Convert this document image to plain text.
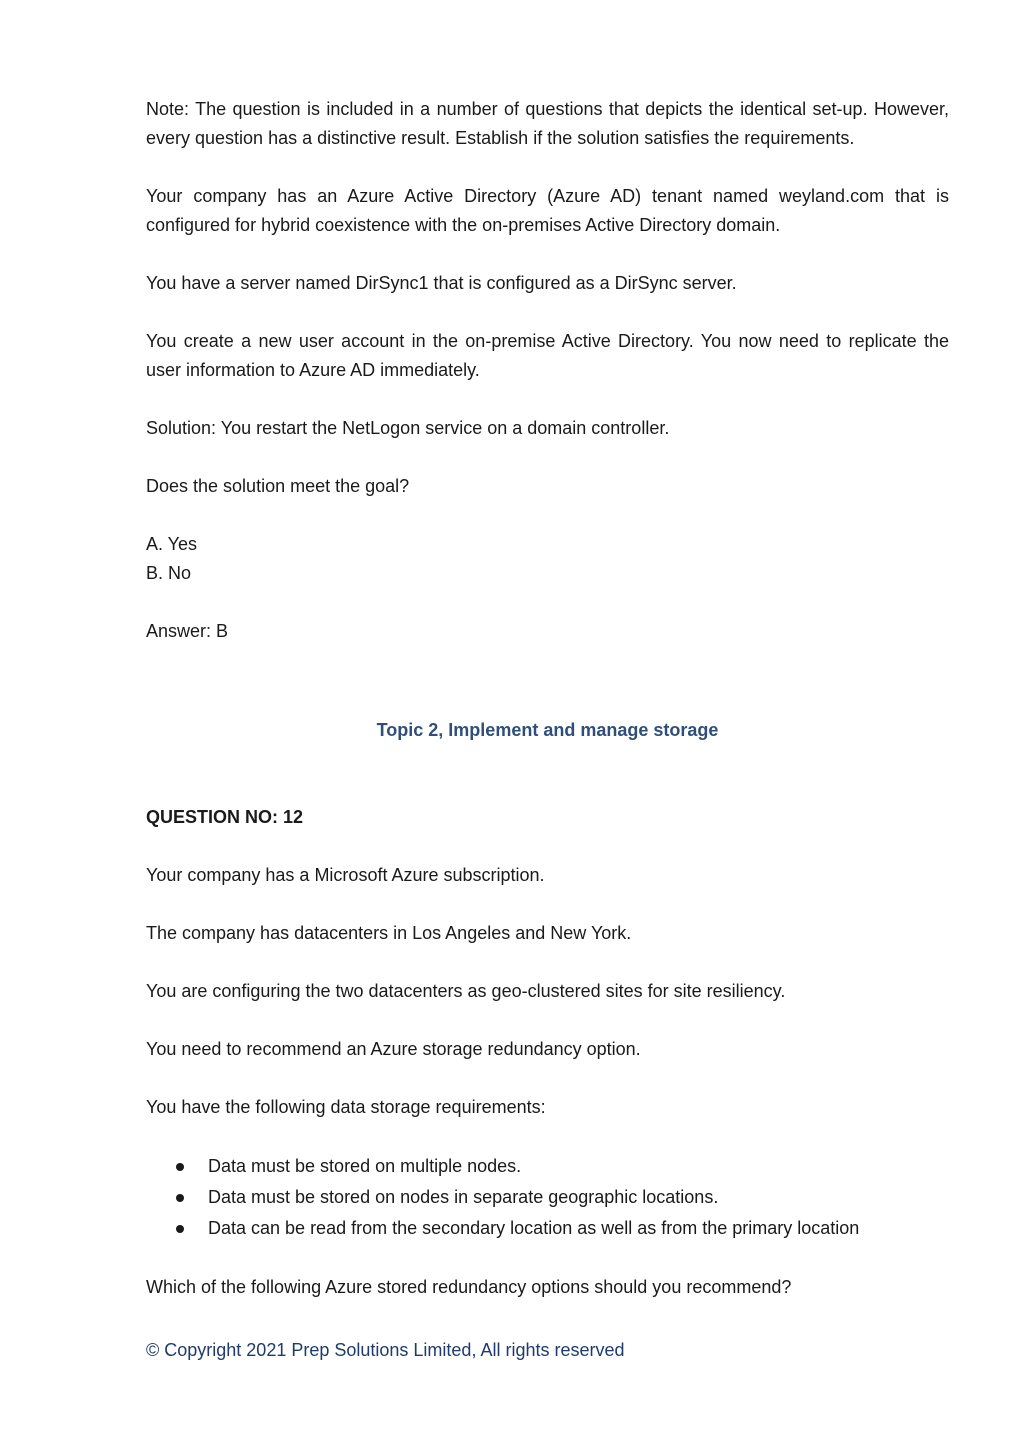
Note: The question is included in a number of questions that depicts the identical set-up. However, every question has a distinctive result. Establish if the solution satisfies the requirements.

Your company has an Azure Active Directory (Azure AD) tenant named weyland.com that is configured for hybrid coexistence with the on-premises Active Directory domain.

You have a server named DirSync1 that is configured as a DirSync server.

You create a new user account in the on-premise Active Directory. You now need to replicate the user information to Azure AD immediately.

Solution: You restart the NetLogon service on a domain controller.

Does the solution meet the goal?

A. Yes

B. No

Answer: B

Topic 2, Implement and manage storage
QUESTION NO: 12

Your company has a Microsoft Azure subscription.

The company has datacenters in Los Angeles and New York.

You are configuring the two datacenters as geo-clustered sites for site resiliency.

You need to recommend an Azure storage redundancy option.

You have the following data storage requirements:

Data must be stored on multiple nodes.
Data must be stored on nodes in separate geographic locations.
Data can be read from the secondary location as well as from the primary location

Which of the following Azure stored redundancy options should you recommend?

© Copyright 2021 Prep Solutions Limited, All rights reserved
